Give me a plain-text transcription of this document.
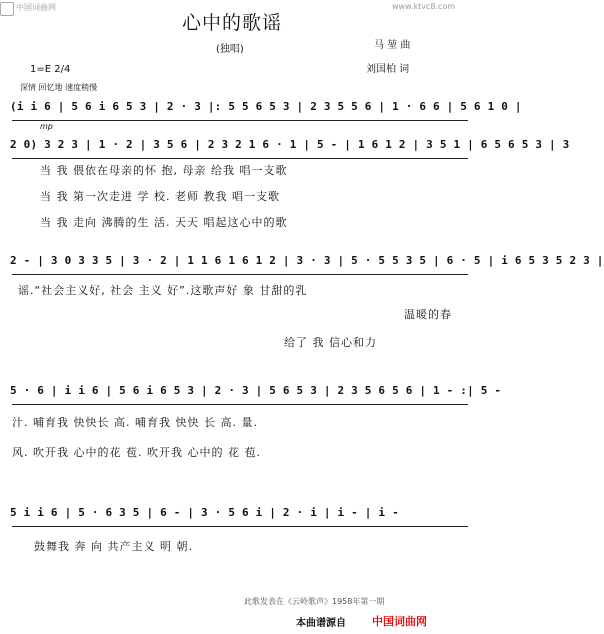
中国词曲网	www.ktvc8.com
心中的歌谣
(独唱)	马 堃 曲
刘国柏 词
1=E 2/4
深情 回忆地 速度稍慢
(i i 6 | 5 6 i 6 5 3 | 2 · 3 |: 5 5 6 5 3 | 2 3 5 5 6 | 1 · 6 6 | 5 6 1 0 |
mp
2 0) 3 2 3 | 1 · 2 | 3 5 6 | 2 3 2 1 6 · 1 | 5 - | 1 6 1 2 | 3 5 1 | 6 5 6 5 3 | 3
当 我 偎依在母亲的怀 抱, 母亲 给我 唱一支歌
当 我 第一次走进 学 校. 老师 教我 唱一支歌
当 我 走向 沸腾的生 活. 天天 唱起这心中的歌
2 - | 3 0 3 3 5 | 3 · 2 | 1 1 6 1 6 1 2 | 3 · 3 | 5 · 5 5 3 5 | 6 · 5 | i 6 5 3 5 2 3 |
谣.“社会主义好, 社会 主义 好”.这歌声好 象 甘甜的乳
温暖的春
给了 我 信心和力
5 · 6 | i i 6 | 5 6 i 6 5 3 | 2 · 3 | 5 6 5 3 | 2 3 5 6 5 6 | 1 - :| 5 -
汁. 哺育我 快快长 高. 哺育我 快快 长 高. 量.
风. 吹开我 心中的花 苞. 吹开我 心中的 花 苞.
5 i i 6 | 5 · 6 3 5 | 6 - | 3 · 5 6 i | 2 · i | i - | i -
鼓舞我 奔 向 共产主义 明 朝.
此歌发表在《云岭歌声》1958年第一期
本曲谱源自 中国词曲网
